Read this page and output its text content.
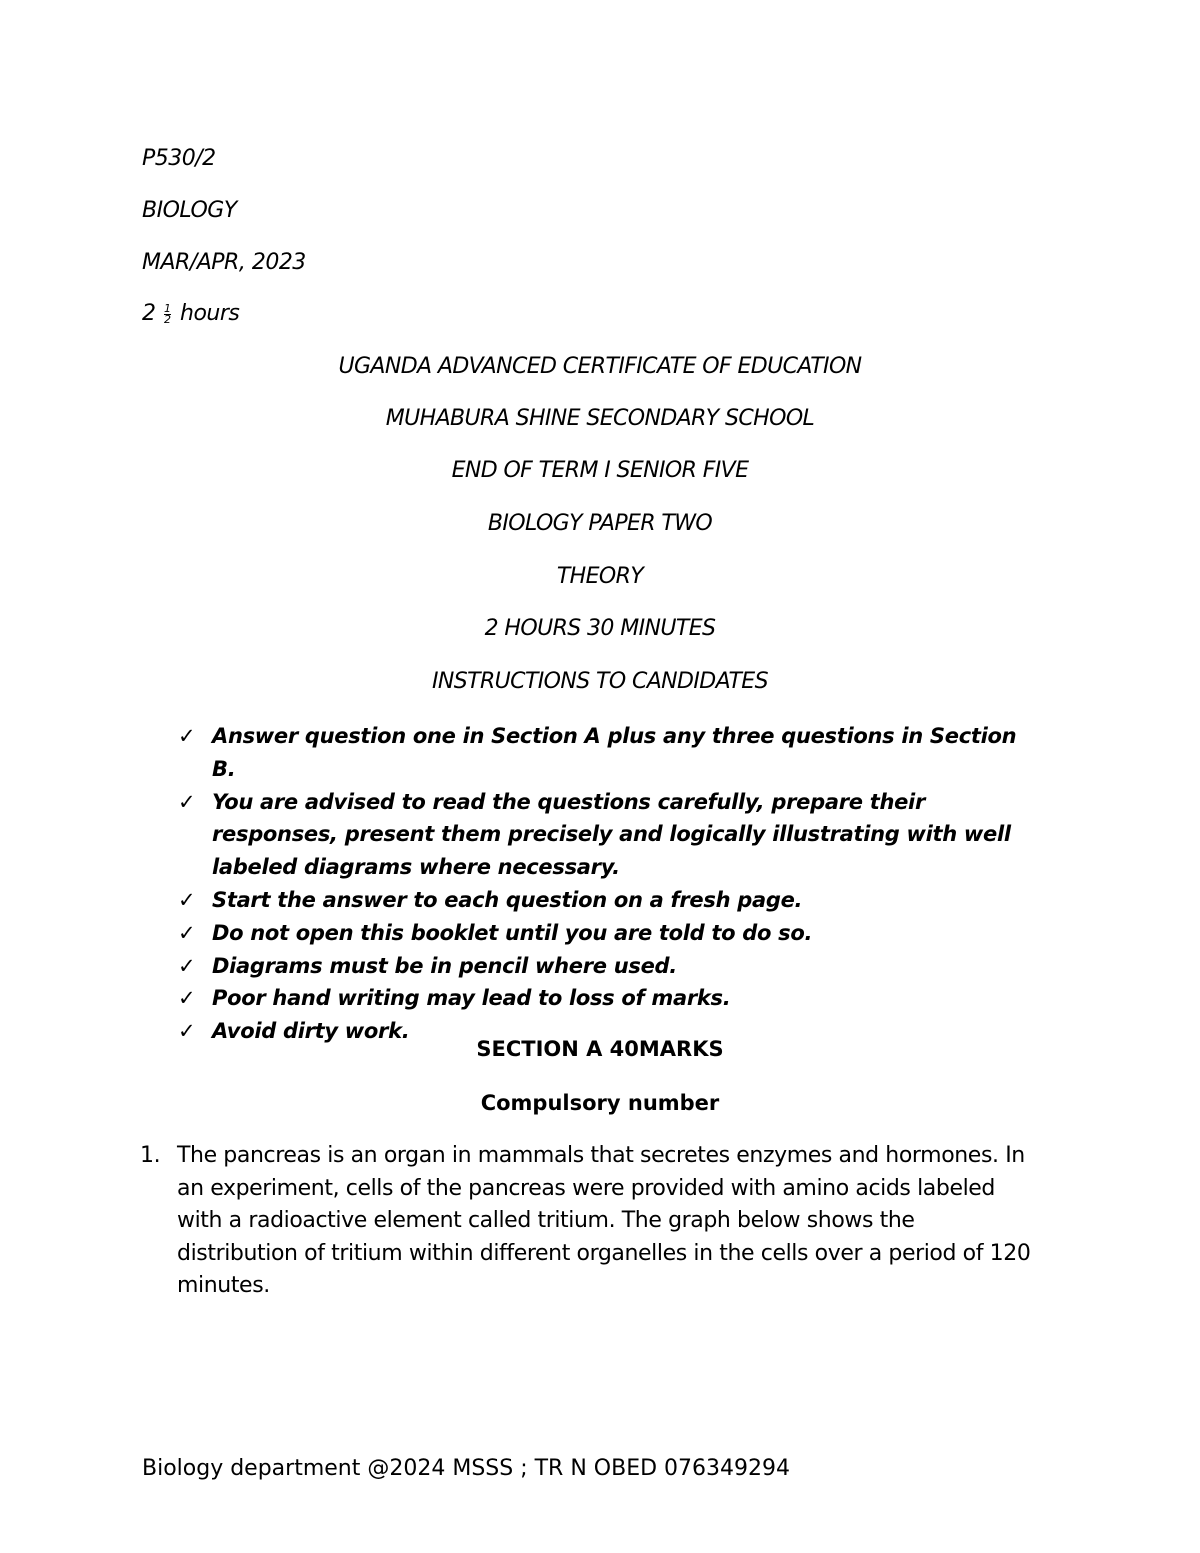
P530/2
BIOLOGY
MAR/APR, 2023
$2 \frac{1}{2}$ hours
UGANDA ADVANCED CERTIFICATE OF EDUCATION
MUHABURA SHINE SECONDARY SCHOOL
END OF TERM I SENIOR FIVE
BIOLOGY PAPER TWO
THEORY
2 HOURS 30 MINUTES
INSTRUCTIONS TO CANDIDATES
✓ Answer question one in Section A plus any three questions in Section B.
✓ You are advised to read the questions carefully, prepare their responses, present them precisely and logically illustrating with well labeled diagrams where necessary.
✓ Start the answer to each question on a fresh page.
✓ Do not open this booklet until you are told to do so.
✓ Diagrams must be in pencil where used.
✓ Poor hand writing may lead to loss of marks.
✓ Avoid dirty work.
SECTION A 40MARKS
Compulsory number
1. The pancreas is an organ in mammals that secretes enzymes and hormones. In an experiment, cells of the pancreas were provided with amino acids labeled with a radioactive element called tritium. The graph below shows the distribution of tritium within different organelles in the cells over a period of 120 minutes.
Biology department @2024 MSSS ; TR N OBED 076349294
